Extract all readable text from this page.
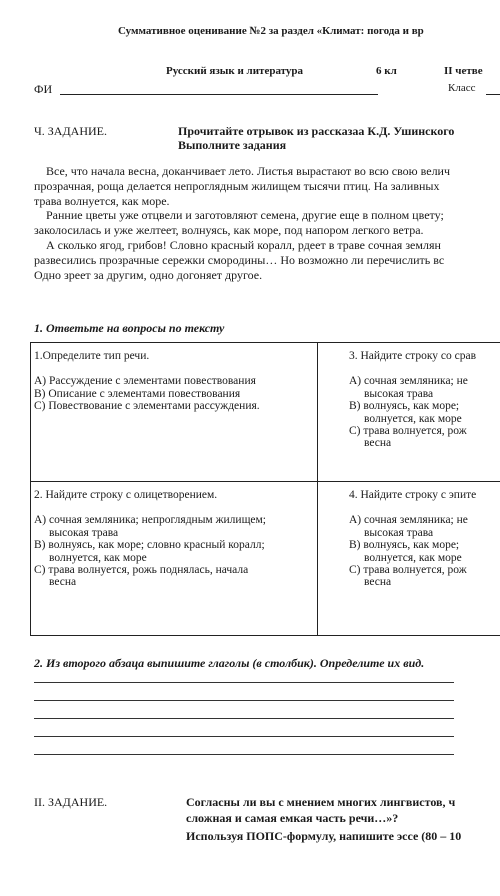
Суммативное оценивание №2 за раздел «Климат: погода и вр
Русский язык и литература	6 кл	II четве
ФИ	Класс
Ч. ЗАДАНИЕ.	Прочитайте отрывок из рассказаа К.Д. Ушинского
Выполните задания
Все, что начала весна, доканчивает лето. Листья вырастают во всю свою велич
прозрачная, роща делается непроглядным жилищем тысячи птиц. На заливных
трава волнуется, как море.
Ранние цветы уже отцвели и заготовляют семена, другие еще в полном цвету;
заколосилась и уже желтеет, волнуясь, как море, под напором легкого ветра.
А сколько ягод, грибов! Словно красный коралл, рдеет в траве сочная землян
развесились прозрачные сережки смородины… Но возможно ли перечислить вс
Одно зреет за другим, одно догоняет другое.
1. Ответьте на вопросы по тексту
1.Определите тип речи.
А) Рассуждение с элементами повествования
В) Описание с элементами повествования
С) Повествование с элементами рассуждения.
3. Найдите строку со срав
А) сочная земляника; не
высокая трава
В) волнуясь, как море;
волнуется, как море
С) трава волнуется, рож
весна
2. Найдите строку с олицетворением.
А) сочная земляника; непроглядным жилищем;
высокая трава
В) волнуясь, как море; словно красный коралл;
волнуется, как море
С) трава волнуется, рожь поднялась, начала
весна
4. Найдите строку с эпите
А) сочная земляника; не
высокая трава
В) волнуясь, как море;
волнуется, как море
С) трава волнуется, рож
весна
2. Из второго абзаца выпишите глаголы (в столбик). Определите их вид.
II. ЗАДАНИЕ.	Согласны ли вы с мнением многих лингвистов, ч
сложная и самая емкая часть речи…»?
Используя ПОПС-формулу, напишите эссе (80 – 10
